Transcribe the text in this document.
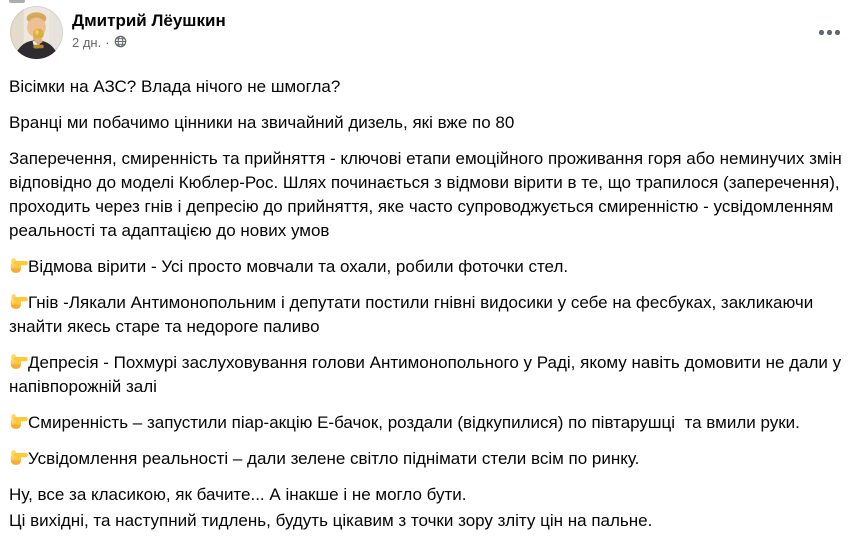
Дмитрий Лёушкин
2 дн. ·

Вісімки на АЗС? Влада нічого не шмогла?

Вранці ми побачимо цінники на звичайний дизель, які вже по 80

Заперечення, смиренність та прийняття - ключові етапи емоційного проживання горя або неминучих змін відповідно до моделі Кюблер-Рос. Шлях починається з відмови вірити в те, що трапилося (заперечення), проходить через гнів і депресію до прийняття, яке часто супроводжується смиренністю - усвідомленням реальності та адаптацією до нових умов

Відмова вірити - Усі просто мовчали та охали, робили фоточки стел.

Гнів -Лякали Антимонопольним і депутати постили гнівні видосики у себе на фесбуках, закликаючи знайти якесь старе та недороге паливо

Депресія - Похмурі заслуховування голови Антимонопольного у Раді, якому навіть домовити не дали у напівпорожній залі

Смиренність – запустили піар-акцію Е-бачок, роздали (відкупилися) по півтарушці  та вмили руки.

Усвідомлення реальності – дали зелене світло піднімати стели всім по ринку.

Ну, все за класикою, як бачите... А інакше і не могло бути.

Ці вихідні, та наступний тидлень, будуть цікавим з точки зору зліту цін на пальне.
